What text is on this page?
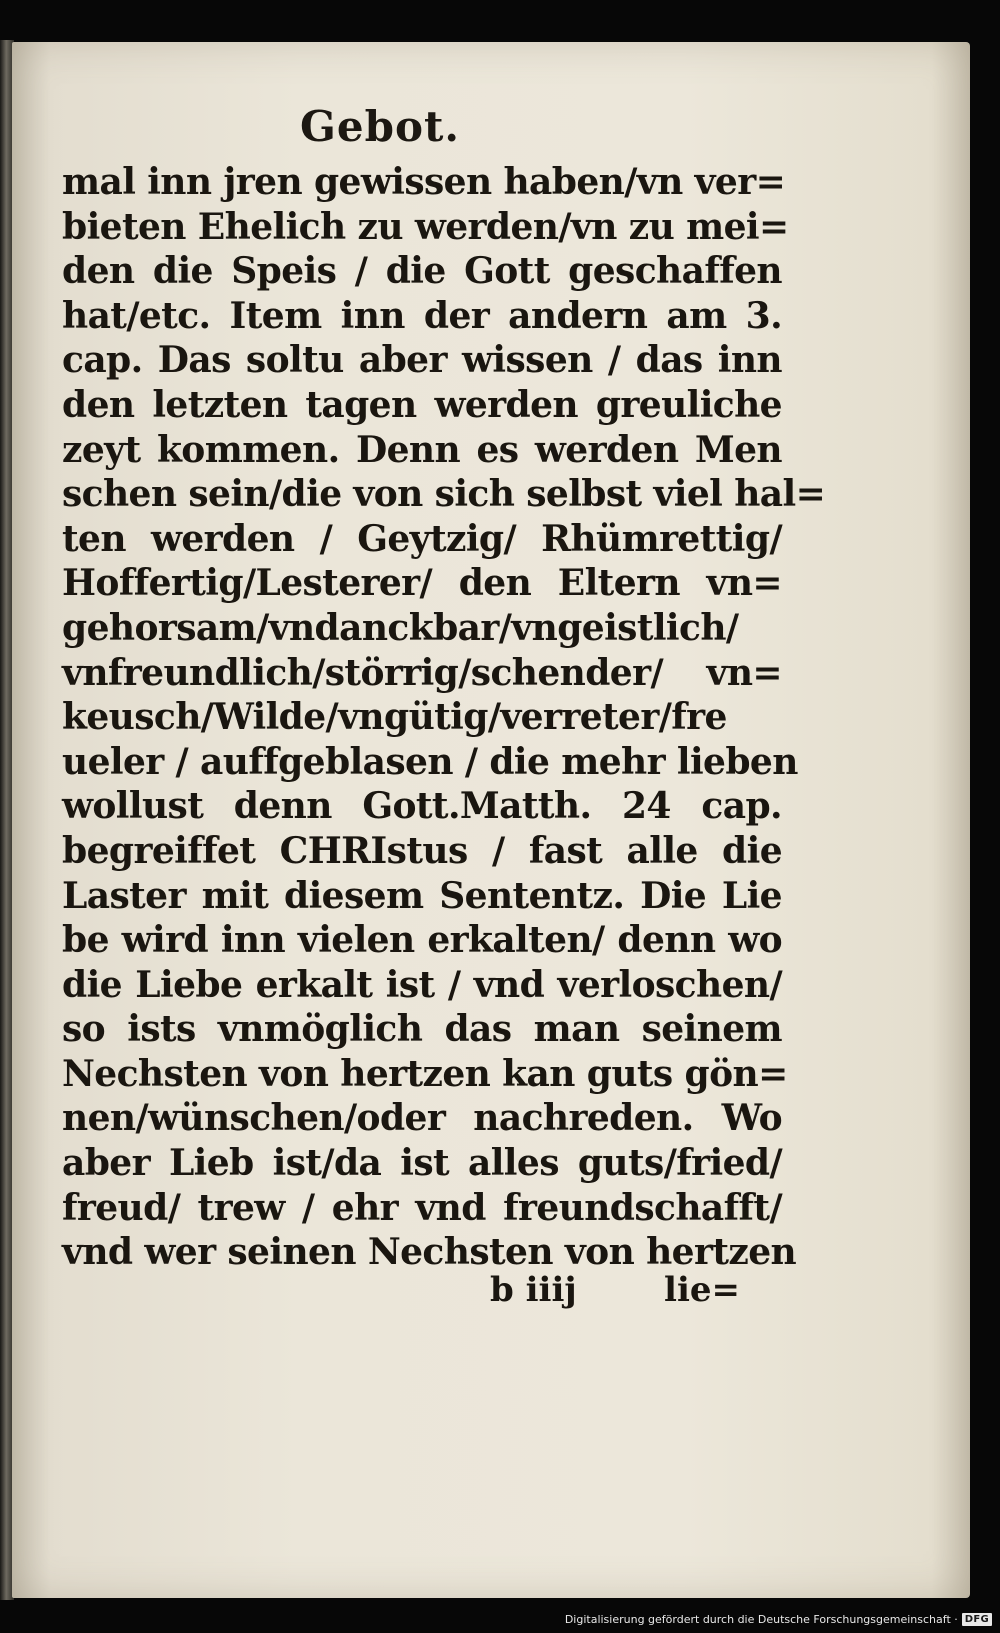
Gebot.
mal inn jren gewissen haben/vn ver=
bieten Ehelich zu werden/vn zu mei=
den die Speis / die Gott geschaffen
hat/etc. Item inn der andern am 3.
cap. Das soltu aber wissen / das inn
den letzten tagen werden greuliche
zeyt kommen. Denn es werden Men
schen sein/die von sich selbst viel hal=
ten werden / Geytzig/ Rhümrettig/
Hoffertig/Lesterer/ den Eltern vn=
gehorsam/vndanckbar/vngeistlich/
vnfreundlich/störrig/schender/ vn=
keusch/Wilde/vngütig/verreter/fre
ueler / auffgeblasen / die mehr lieben
wollust denn Gott.Matth. 24 cap.
begreiffet CHRIstus / fast alle die
Laster mit diesem Sententz. Die Lie
be wird inn vielen erkalten/ denn wo
die Liebe erkalt ist / vnd verloschen/
so ists vnmöglich das man seinem
Nechsten von hertzen kan guts gön=
nen/wünschen/oder nachreden. Wo
aber Lieb ist/da ist alles guts/fried/
freud/ trew / ehr vnd freundschafft/
vnd wer seinen Nechsten von hertzen
b iiij	lie=
Digitalisierung gefördert durch die Deutsche Forschungsgemeinschaft · DFG
